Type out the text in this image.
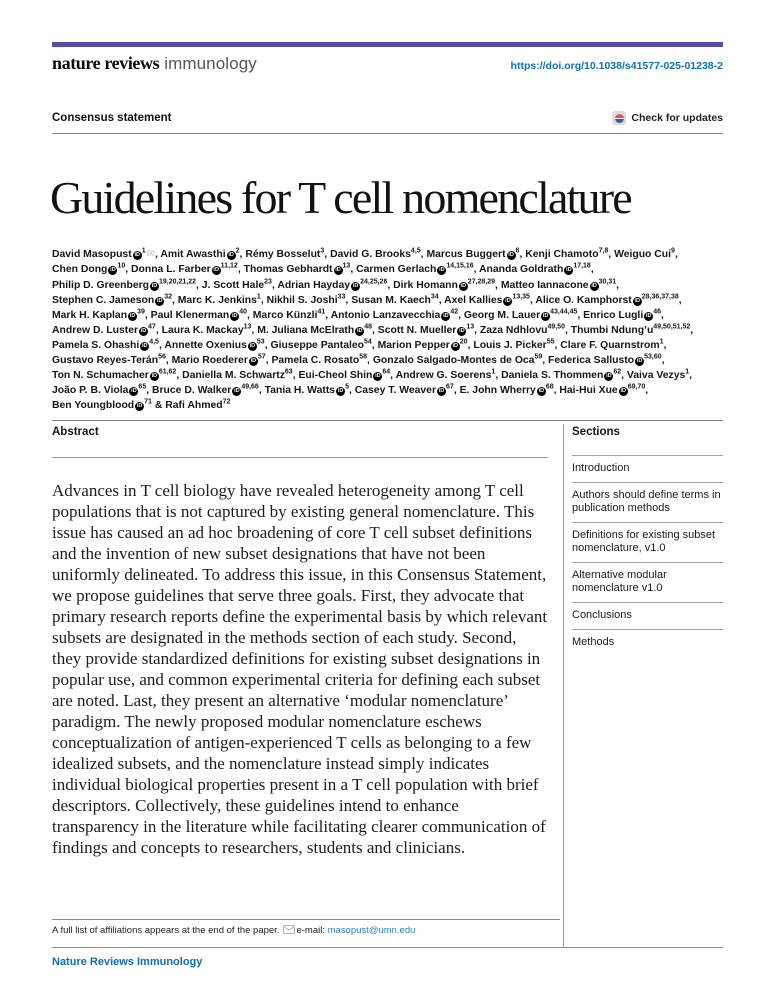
nature reviews immunology	https://doi.org/10.1038/s41577-025-01238-2
Consensus statement	Check for updates
Guidelines for T cell nomenclature

David Masopust iD$^1$✉, Amit Awasthi iD$^2$, Rémy Bosselut$^3$, David G. Brooks$^{4,5}$, Marcus Buggert iD$^6$, Kenji Chamoto$^{7,8}$, Weiguo Cui$^9$, Chen Dong iD$^{10}$, Donna L. Farber iD$^{11,12}$, Thomas Gebhardt iD$^{13}$, Carmen Gerlach iD$^{14,15,16}$, Ananda Goldrath iD$^{17,18}$, Philip D. Greenberg iD$^{19,20,21,22}$, J. Scott Hale$^{23}$, Adrian Hayday iD$^{24,25,26}$, Dirk Homann iD$^{27,28,29}$, Matteo Iannacone iD$^{30,31}$, Stephen C. Jameson iD$^{32}$, Marc K. Jenkins$^1$, Nikhil S. Joshi$^{33}$, Susan M. Kaech$^{34}$, Axel Kallies iD$^{13,35}$, Alice O. Kamphorst iD$^{28,36,37,38}$, Mark H. Kaplan iD$^{39}$, Paul Klenerman iD$^{40}$, Marco Künzli$^{41}$, Antonio Lanzavecchia iD$^{42}$, Georg M. Lauer iD$^{43,44,45}$, Enrico Lugli iD$^{46}$, Andrew D. Luster iD$^{47}$, Laura K. Mackay$^{13}$, M. Juliana McElrath iD$^{48}$, Scott N. Mueller iD$^{13}$, Zaza Ndhlovu$^{49,50}$, Thumbi Ndung’u$^{49,50,51,52}$, Pamela S. Ohashi iD$^{4,5}$, Annette Oxenius iD$^{53}$, Giuseppe Pantaleo$^{54}$, Marion Pepper iD$^{20}$, Louis J. Picker$^{55}$, Clare F. Quarnstrom$^1$, Gustavo Reyes-Terán$^{56}$, Mario Roederer iD$^{57}$, Pamela C. Rosato$^{58}$, Gonzalo Salgado-Montes de Oca$^{59}$, Federica Sallusto iD$^{53,60}$, Ton N. Schumacher iD$^{61,62}$, Daniella M. Schwartz$^{63}$, Eui-Cheol Shin iD$^{64}$, Andrew G. Soerens$^1$, Daniela S. Thommen iD$^{62}$, Vaiva Vezys$^1$, João P. B. Viola iD$^{65}$, Bruce D. Walker iD$^{49,66}$, Tania H. Watts iD$^5$, Casey T. Weaver iD$^{67}$, E. John Wherry iD$^{68}$, Hai-Hui Xue iD$^{69,70}$, Ben Youngblood iD$^{71}$ & Rafi Ahmed$^{72}$

Abstract

Advances in T cell biology have revealed heterogeneity among T cell populations that is not captured by existing general nomenclature. This issue has caused an ad hoc broadening of core T cell subset definitions and the invention of new subset designations that have not been uniformly delineated. To address this issue, in this Consensus Statement, we propose guidelines that serve three goals. First, they advocate that primary research reports define the experimental basis by which relevant subsets are designated in the methods section of each study. Second, they provide standardized definitions for existing subset designations in popular use, and common experimental criteria for defining each subset are noted. Last, they present an alternative ‘modular nomenclature’ paradigm. The newly proposed modular nomenclature eschews conceptualization of antigen-experienced T cells as belonging to a few idealized subsets, and the nomenclature instead simply indicates individual biological properties present in a T cell population with brief descriptors. Collectively, these guidelines intend to enhance transparency in the literature while facilitating clearer communication of findings and concepts to researchers, students and clinicians.

Sections
Introduction
Authors should define terms in publication methods
Definitions for existing subset nomenclature, v1.0
Alternative modular nomenclature v1.0
Conclusions
Methods
A full list of affiliations appears at the end of the paper. e-mail: masopust@umn.edu
Nature Reviews Immunology
